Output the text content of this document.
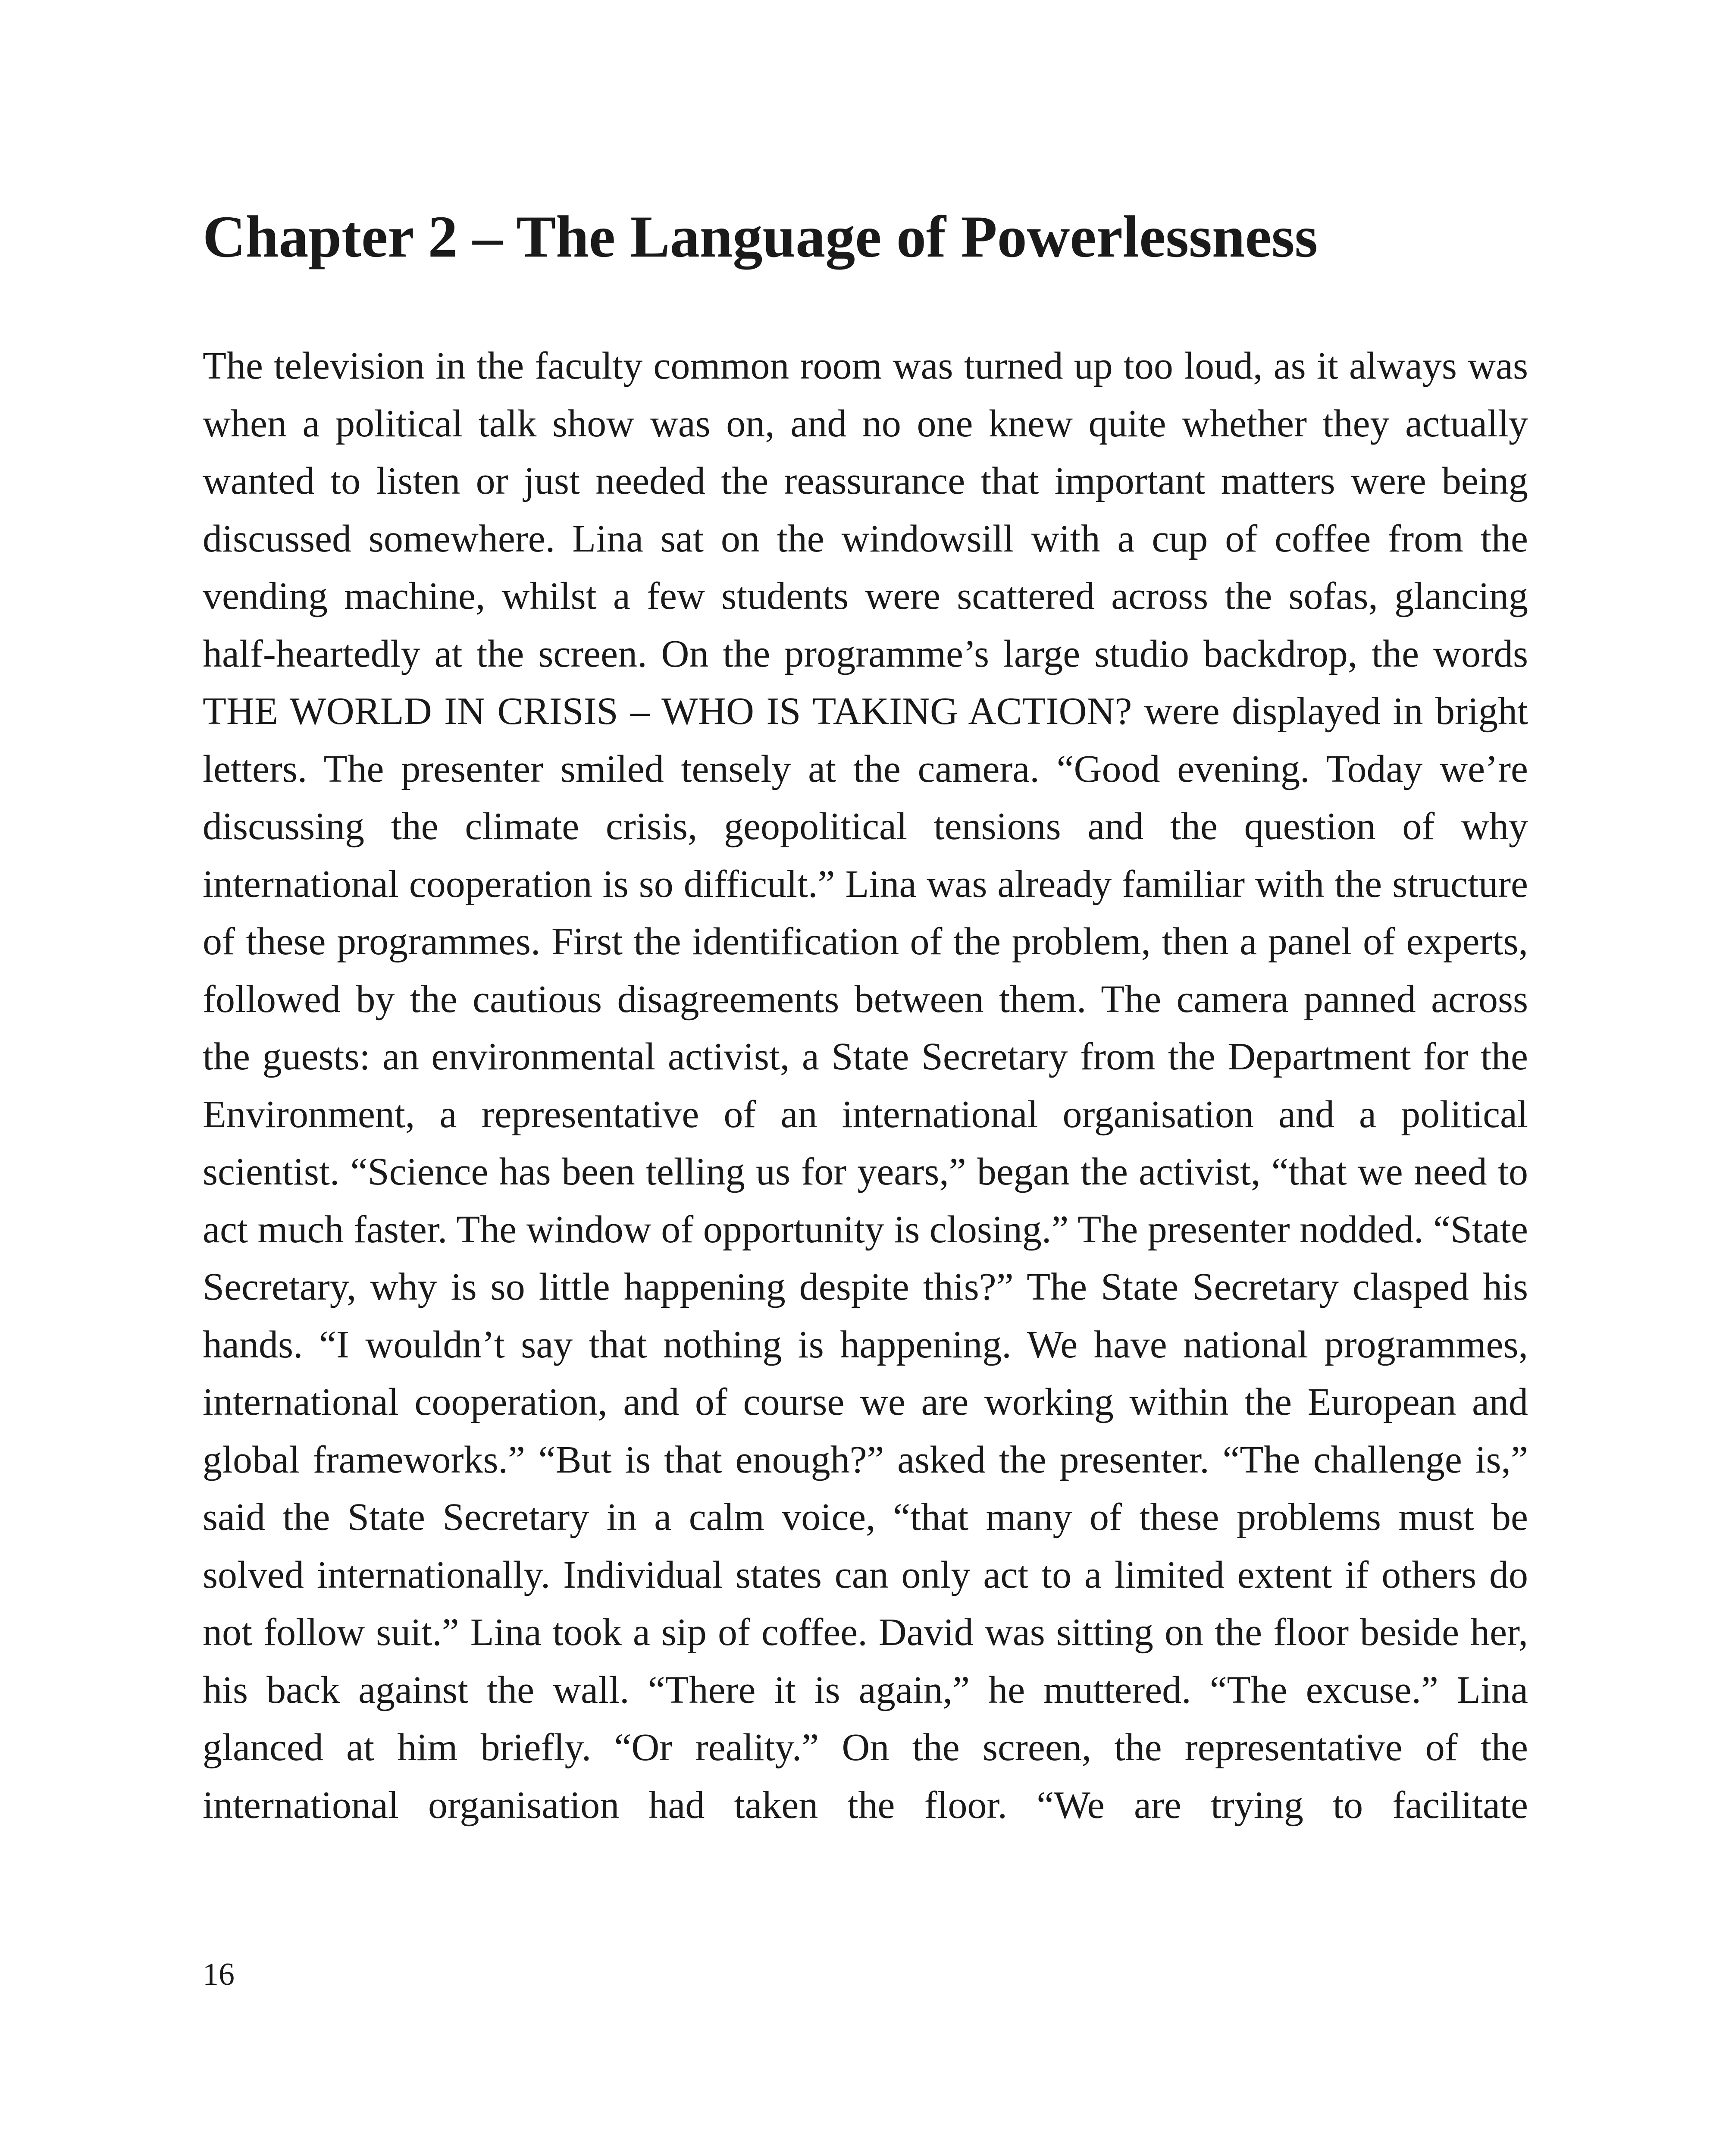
Chapter 2 – The Language of Powerlessness

The television in the faculty common room was turned up too loud, as it always was when a political talk show was on, and no one knew quite whether they actually wanted to listen or just needed the reassurance that important matters were being discussed somewhere. Lina sat on the windowsill with a cup of coffee from the vending machine, whilst a few students were scattered across the sofas, glancing half-heartedly at the screen. On the programme’s large studio backdrop, the words THE WORLD IN CRISIS – WHO IS TAKING ACTION? were displayed in bright letters. The presenter smiled tensely at the camera. “Good evening. Today we’re discussing the climate crisis, geopolitical tensions and the question of why international cooperation is so difficult.” Lina was already familiar with the structure of these programmes. First the identification of the problem, then a panel of experts, followed by the cautious disagreements between them. The camera panned across the guests: an environmental activist, a State Secretary from the Department for the Environment, a representative of an international organisation and a political scientist. “Science has been telling us for years,” began the activist, “that we need to act much faster. The window of opportunity is closing.” The presenter nodded. “State Secretary, why is so little happening despite this?” The State Secretary clasped his hands. “I wouldn’t say that nothing is happening. We have national programmes, international cooperation, and of course we are working within the European and global frameworks.” “But is that enough?” asked the presenter. “The challenge is,” said the State Secretary in a calm voice, “that many of these problems must be solved internationally. Individual states can only act to a limited extent if others do not follow suit.” Lina took a sip of coffee. David was sitting on the floor beside her, his back against the wall. “There it is again,” he muttered. “The excuse.” Lina glanced at him briefly. “Or reality.” On the screen, the representative of the international organisation had taken the floor. “We are trying to facilitate

16
